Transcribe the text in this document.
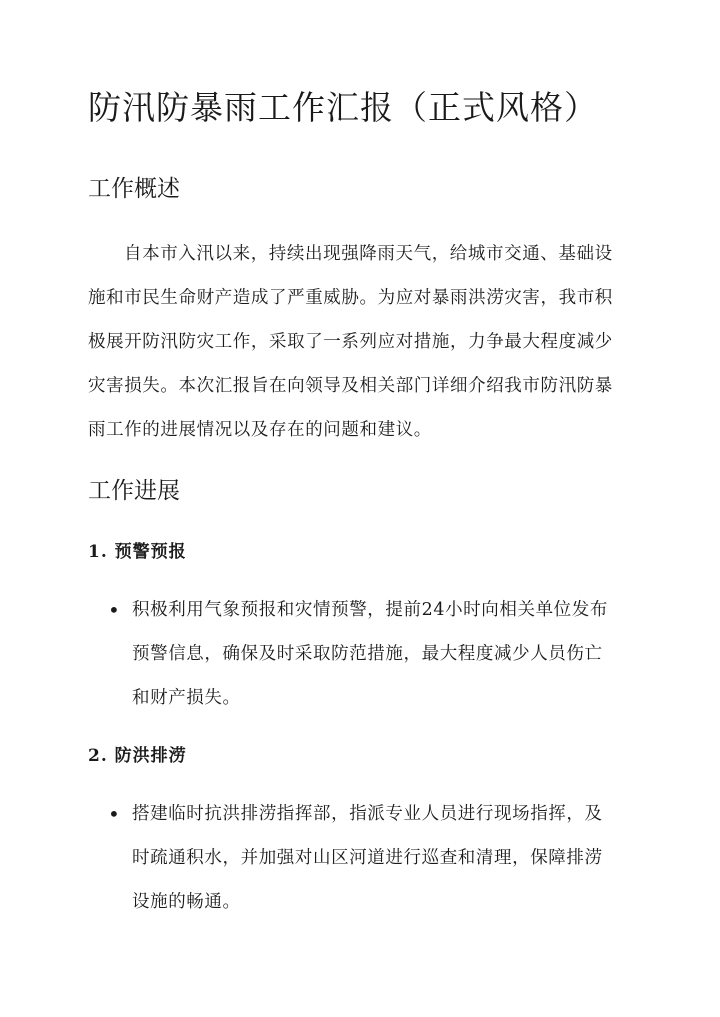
防汛防暴雨工作汇报（正式风格）
工作概述
自本市入汛以来，持续出现强降雨天气，给城市交通、基础设
施和市民生命财产造成了严重威胁。为应对暴雨洪涝灾害，我市积
极展开防汛防灾工作，采取了一系列应对措施，力争最大程度减少
灾害损失。本次汇报旨在向领导及相关部门详细介绍我市防汛防暴
雨工作的进展情况以及存在的问题和建议。
工作进展
1. 预警预报
• 积极利用气象预报和灾情预警，提前24小时向相关单位发布
预警信息，确保及时采取防范措施，最大程度减少人员伤亡
和财产损失。
2. 防洪排涝
• 搭建临时抗洪排涝指挥部，指派专业人员进行现场指挥，及
时疏通积水，并加强对山区河道进行巡查和清理，保障排涝
设施的畅通。
